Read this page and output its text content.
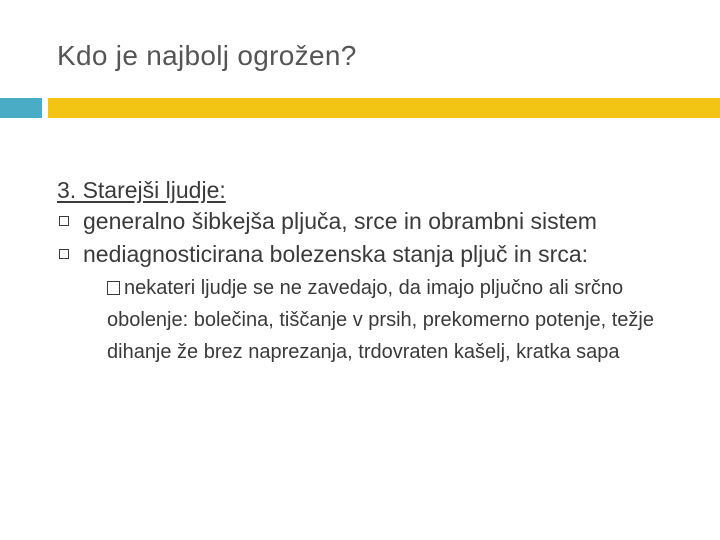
Kdo je najbolj ogrožen?
3. Starejši ljudje:
generalno šibkejša pljuča, srce in obrambni sistem
nediagnosticirana bolezenska stanja pljuč in srca:
nekateri ljudje se ne zavedajo, da imajo pljučno ali srčno obolenje: bolečina, tiščanje v prsih, prekomerno potenje, težje dihanje že brez naprezanja, trdovraten kašelj, kratka sapa
